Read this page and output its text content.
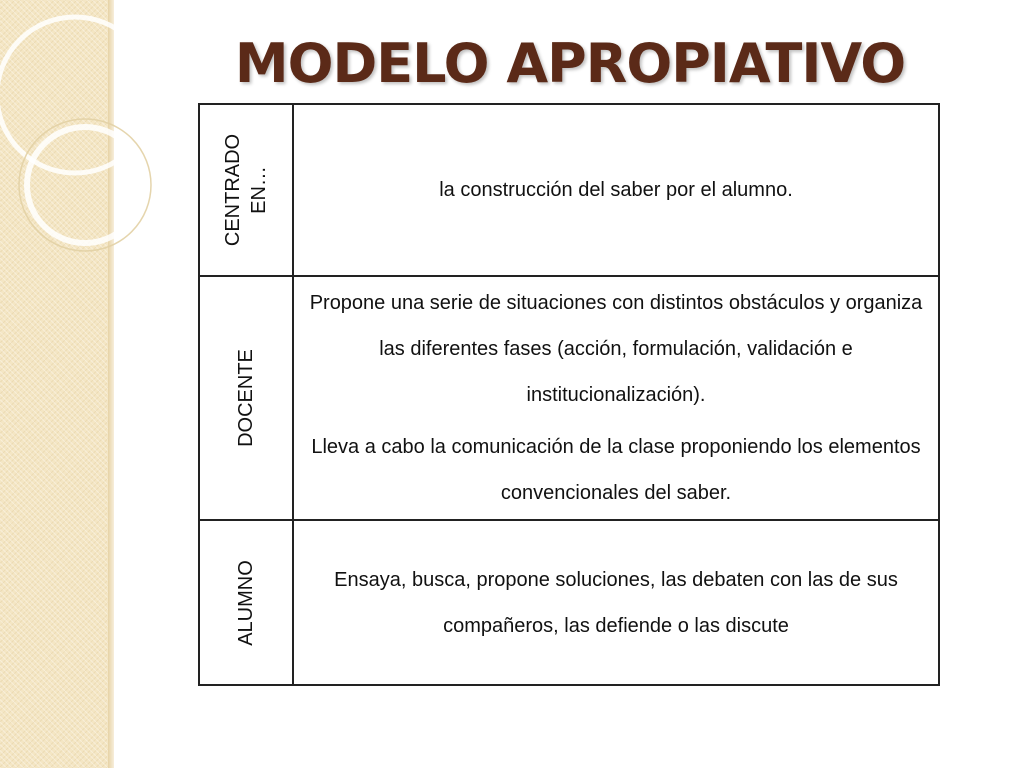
MODELO APROPIATIVO
CENTRADO EN…	la construcción del saber por el alumno.

DOCENTE

Propone una serie de situaciones con distintos obstáculos y organiza las diferentes fases (acción, formulación, validación e institucionalización).

Lleva a cabo la comunicación de la clase proponiendo los elementos convencionales del saber.

ALUMNO	Ensaya, busca, propone soluciones, las debaten con las de sus compañeros, las defiende o las discute
